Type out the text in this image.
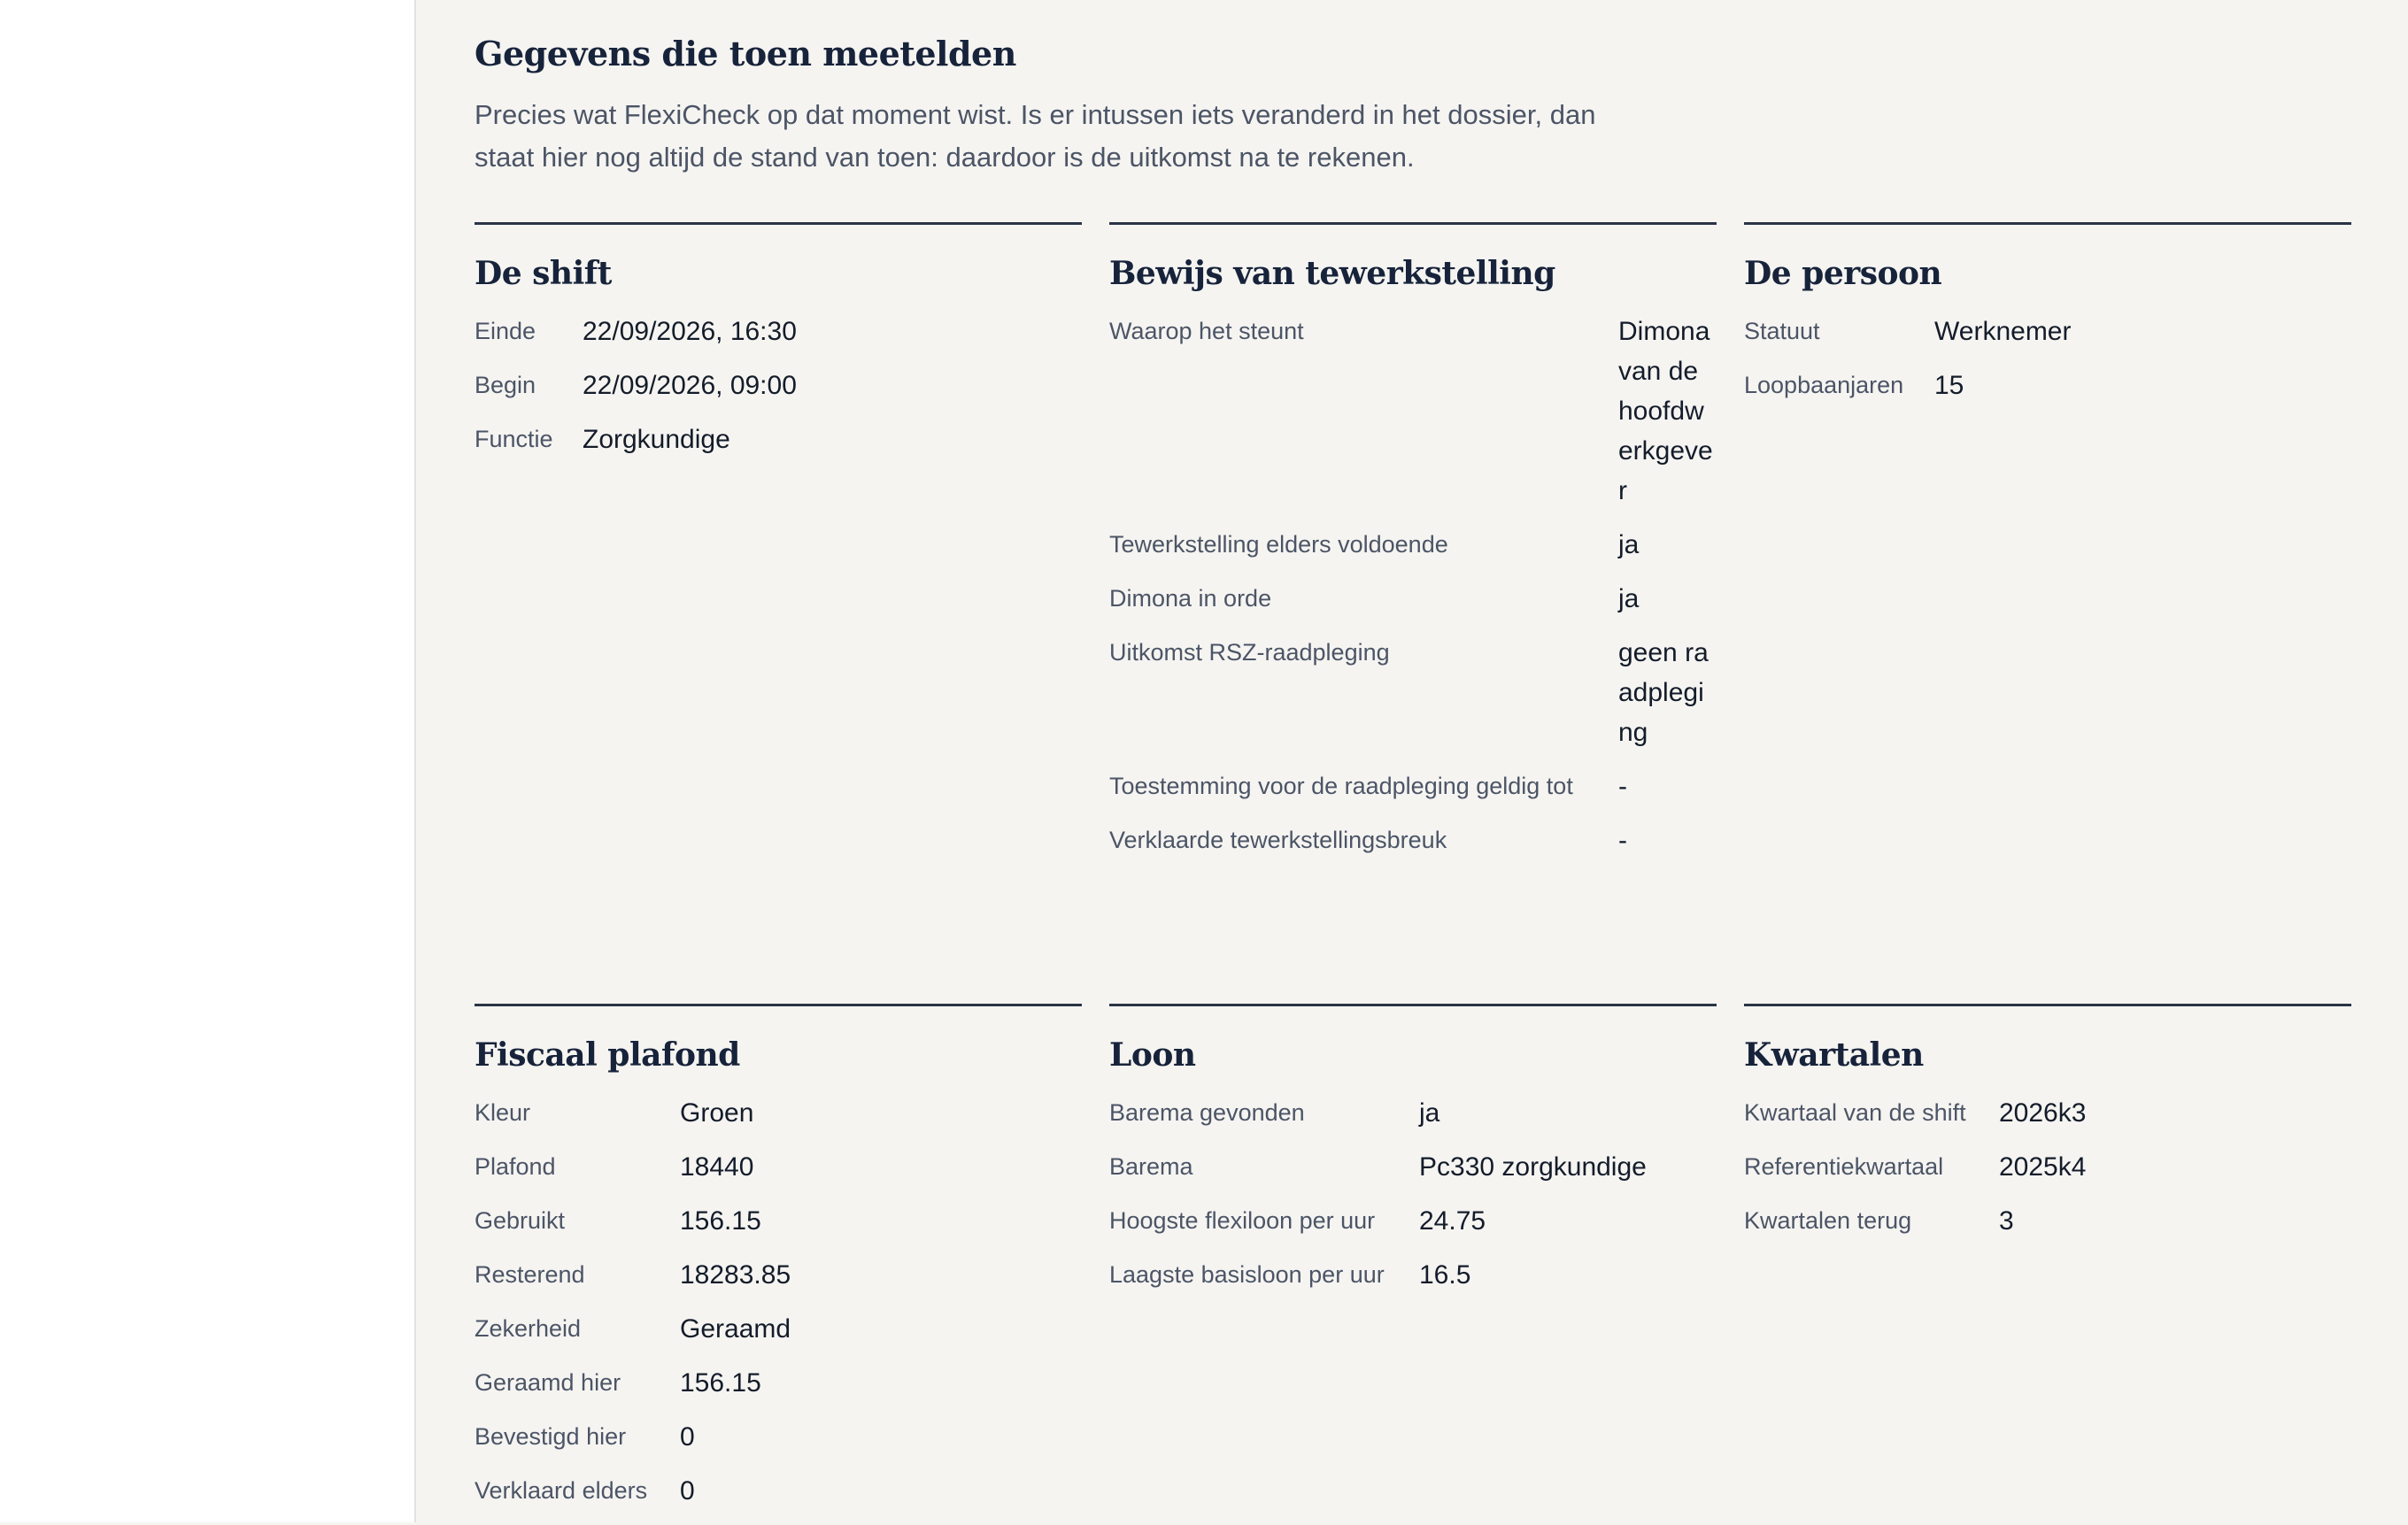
Gegevens die toen meetelden

Precies wat FlexiCheck op dat moment wist. Is er intussen iets veranderd in het dossier, dan staat hier nog altijd de stand van toen: daardoor is de uitkomst na te rekenen.

De shift
Einde	22/09/2026, 16:30
Begin	22/09/2026, 09:00
Functie	Zorgkundige
Bewijs van tewerkstelling
Waarop het steunt	Dimona van de hoofdwerkgever
Tewerkstelling elders voldoende	ja
Dimona in orde	ja
Uitkomst RSZ-raadpleging	geen raadpleging
Toestemming voor de raadpleging geldig tot	-
Verklaarde tewerkstellingsbreuk	-
De persoon
Statuut	Werknemer
Loopbaanjaren	15
Fiscaal plafond
Kleur	Groen
Plafond	18440
Gebruikt	156.15
Resterend	18283.85
Zekerheid	Geraamd
Geraamd hier	156.15
Bevestigd hier	0
Verklaard elders	0
Loon
Barema gevonden	ja
Barema	Pc330 zorgkundige
Hoogste flexiloon per uur	24.75
Laagste basisloon per uur	16.5
Kwartalen
Kwartaal van de shift	2026k3
Referentiekwartaal	2025k4
Kwartalen terug	3
